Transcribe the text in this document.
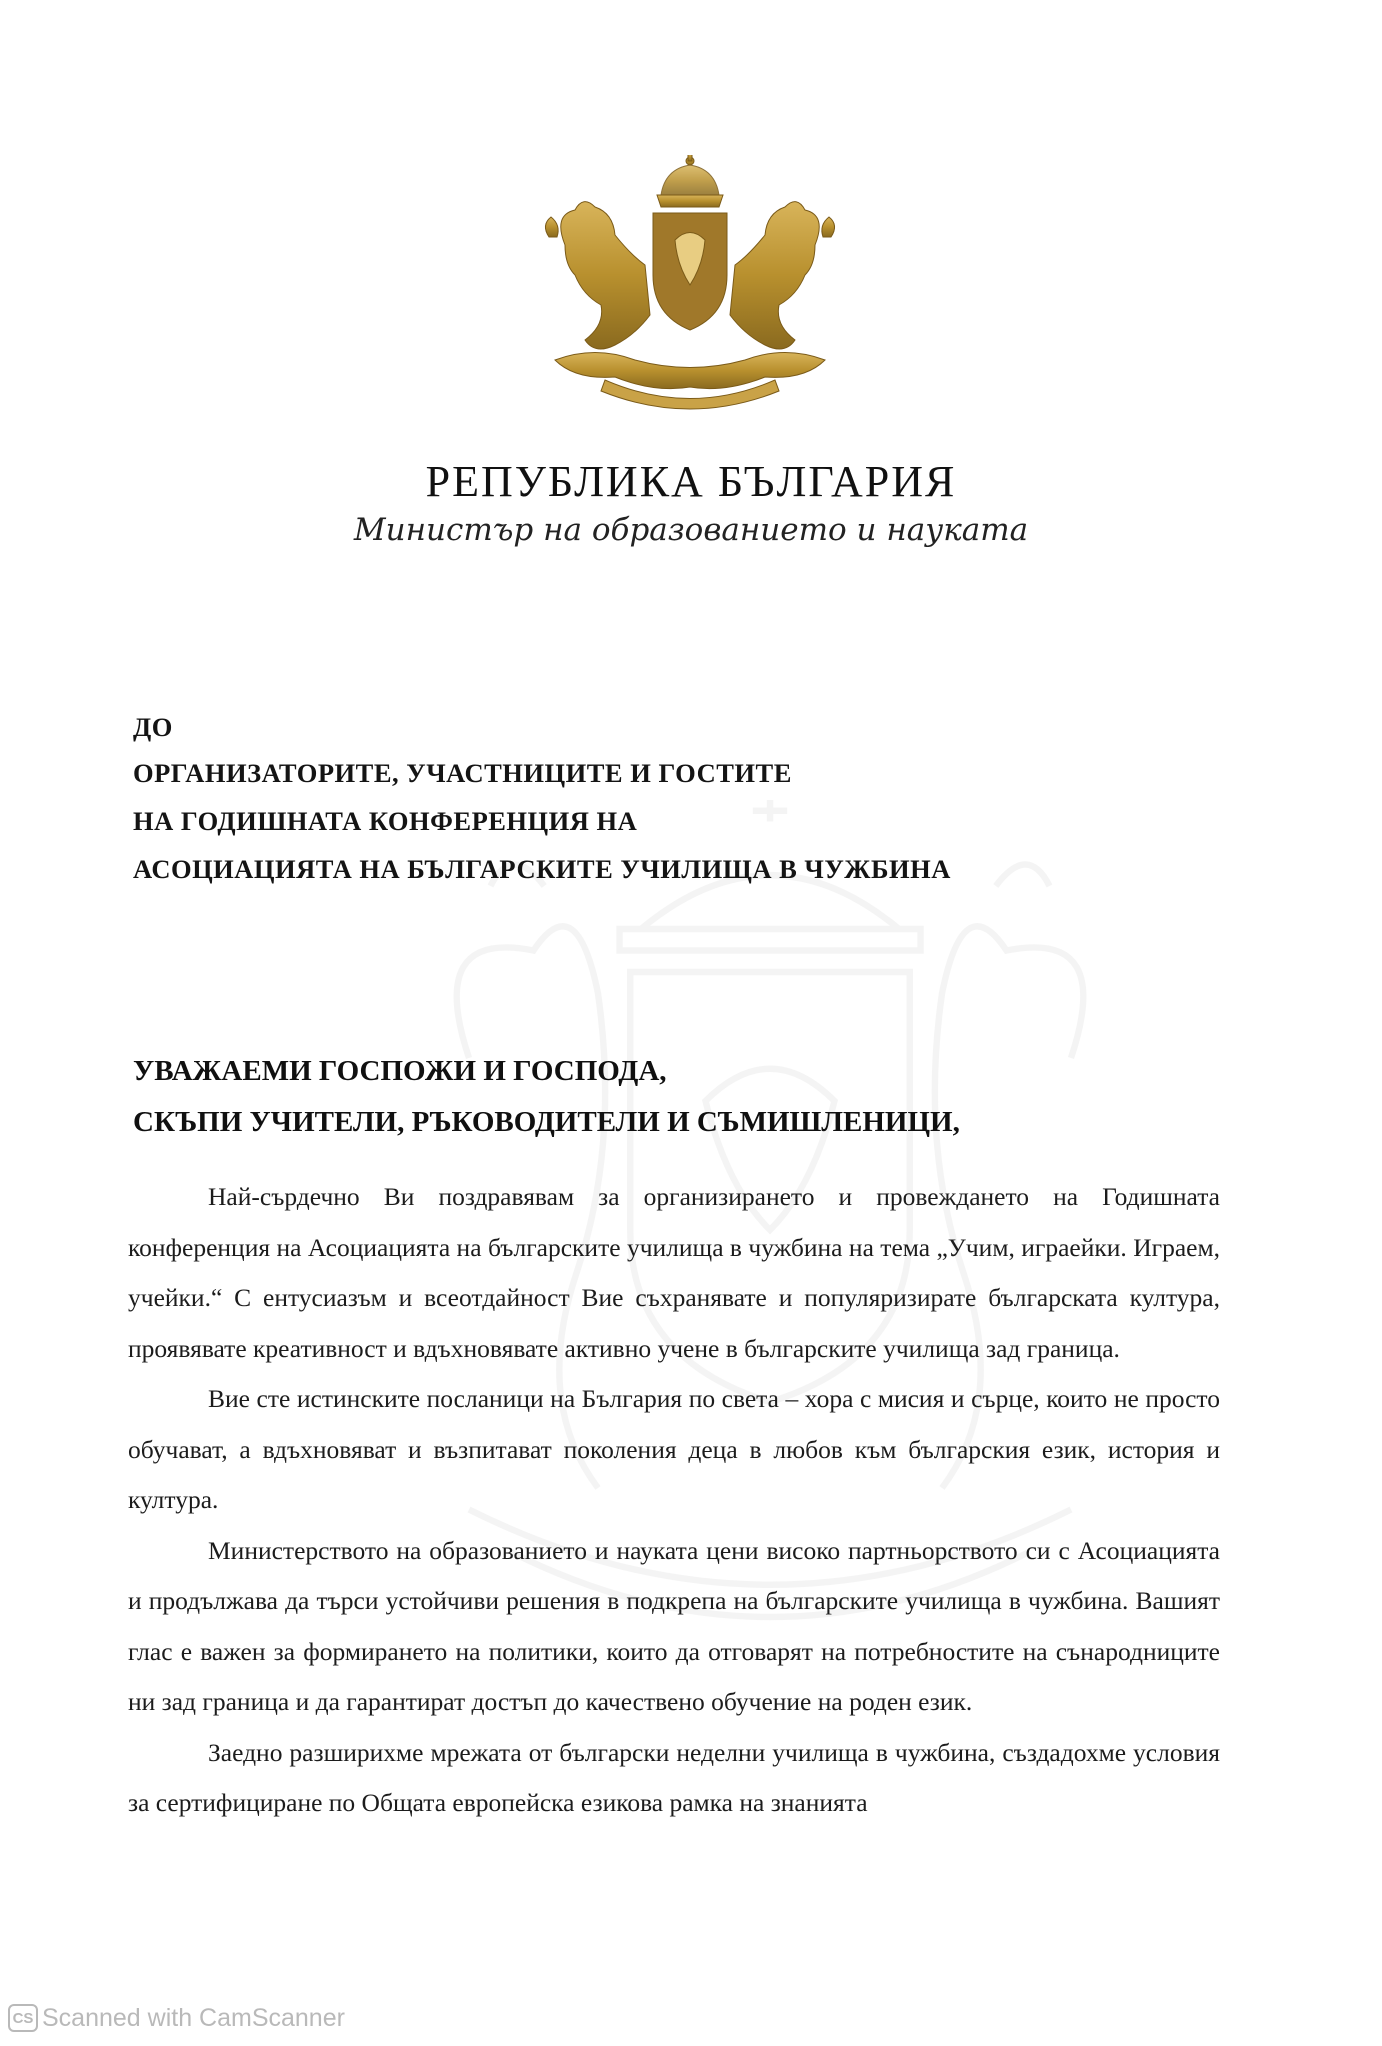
РЕПУБЛИКА БЪЛГАРИЯ
Министър на образованието и науката
ДО
ОРГАНИЗАТОРИТЕ, УЧАСТНИЦИТЕ И ГОСТИТЕ
НА ГОДИШНАТА КОНФЕРЕНЦИЯ НА
АСОЦИАЦИЯТА НА БЪЛГАРСКИТЕ УЧИЛИЩА В ЧУЖБИНА
УВАЖАЕМИ ГОСПОЖИ И ГОСПОДА,
СКЪПИ УЧИТЕЛИ, РЪКОВОДИТЕЛИ И СЪМИШЛЕНИЦИ,

Най-сърдечно Ви поздравявам за организирането и провеждането на Годишната конференция на Асоциацията на българските училища в чужбина на тема „Учим, играейки. Играем, учейки.“ С ентусиазъм и всеотдайност Вие съхранявате и популяризирате българската култура, проявявате креативност и вдъхновявате активно учене в българските училища зад граница.

Вие сте истинските посланици на България по света – хора с мисия и сърце, които не просто обучават, а вдъхновяват и възпитават поколения деца в любов към българския език, история и култура.

Министерството на образованието и науката цени високо партньорството си с Асоциацията и продължава да търси устойчиви решения в подкрепа на българските училища в чужбина. Вашият глас е важен за формирането на политики, които да отговарят на потребностите на сънародниците ни зад граница и да гарантират достъп до качествено обучение на роден език.

Заедно разширихме мрежата от български неделни училища в чужбина, създадохме условия за сертифициране по Общата европейска езикова рамка на знанията

CS Scanned with CamScanner
